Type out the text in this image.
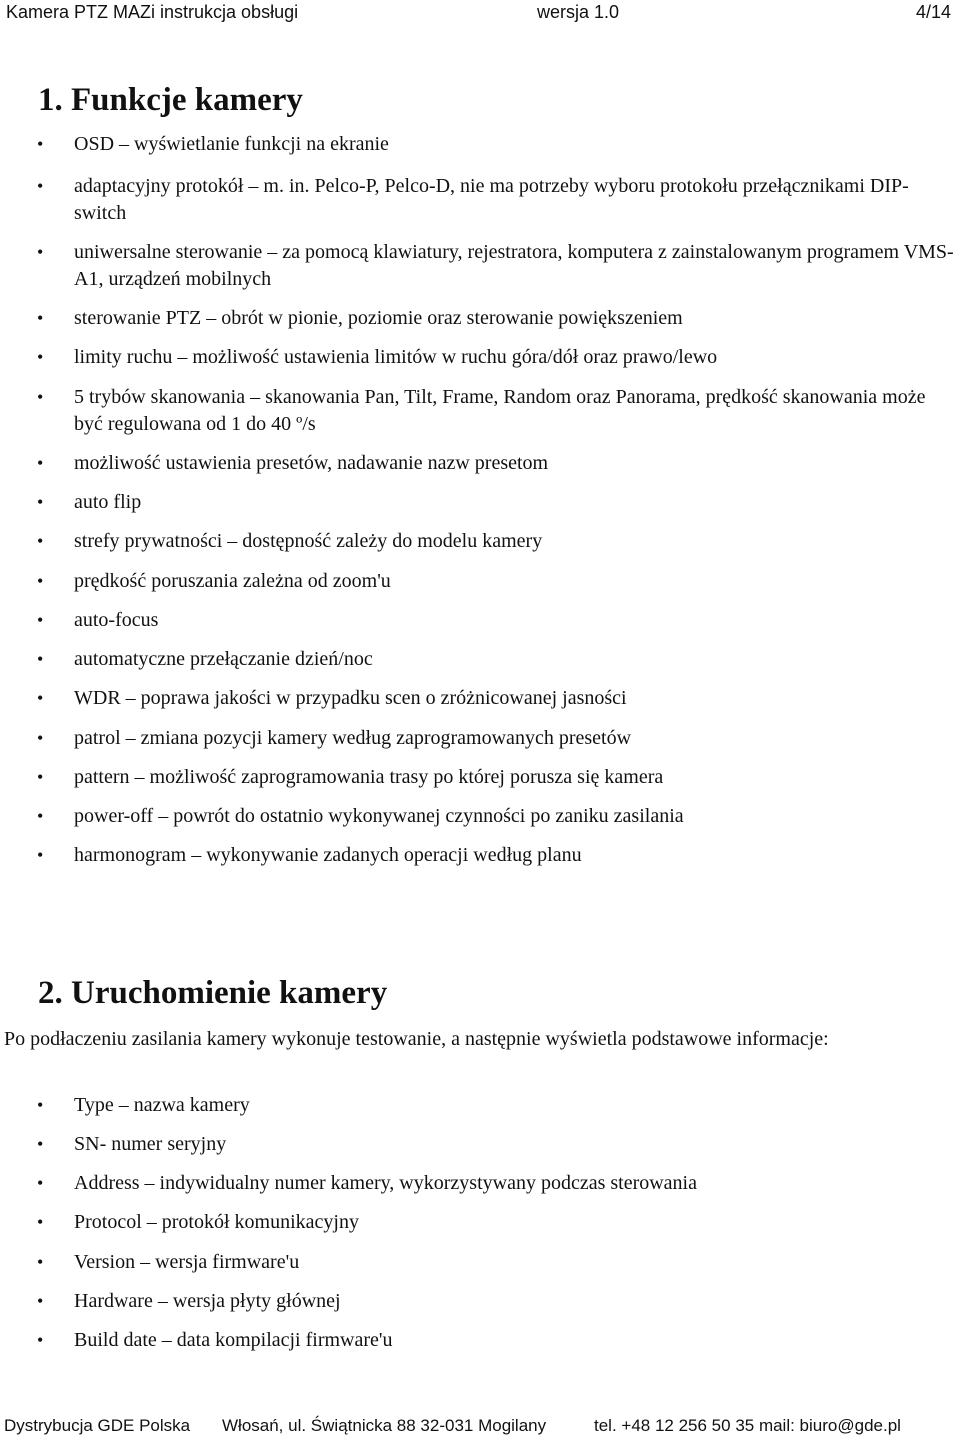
Kamera PTZ MAZi instrukcja obsługi	wersja 1.0	4/14
1. Funkcje kamery
• OSD – wyświetlanie funkcji na ekranie
• adaptacyjny protokół – m. in. Pelco-P, Pelco-D, nie ma potrzeby wyboru protokołu przełącznikami DIP-switch
• uniwersalne sterowanie – za pomocą klawiatury, rejestratora, komputera z zainstalowanym programem VMS-A1, urządzeń mobilnych
• sterowanie PTZ – obrót w pionie, poziomie oraz sterowanie powiększeniem
• limity ruchu – możliwość ustawienia limitów w ruchu góra/dół oraz prawo/lewo
• 5 trybów skanowania – skanowania Pan, Tilt, Frame, Random oraz Panorama, prędkość skanowania może być regulowana od 1 do 40 º/s
• możliwość ustawienia presetów, nadawanie nazw presetom
• auto flip
• strefy prywatności – dostępność zależy do modelu kamery
• prędkość poruszania zależna od zoom'u
• auto-focus
• automatyczne przełączanie dzień/noc
• WDR – poprawa jakości w przypadku scen o zróżnicowanej jasności
• patrol – zmiana pozycji kamery według zaprogramowanych presetów
• pattern – możliwość zaprogramowania trasy po której porusza się kamera
• power-off – powrót do ostatnio wykonywanej czynności po zaniku zasilania
• harmonogram – wykonywanie zadanych operacji według planu
2. Uruchomienie kamery

Po podłaczeniu zasilania kamery wykonuje testowanie, a następnie wyświetla podstawowe informacje:

• Type – nazwa kamery
• SN- numer seryjny
• Address – indywidualny numer kamery, wykorzystywany podczas sterowania
• Protocol – protokół komunikacyjny
• Version – wersja firmware'u
• Hardware – wersja płyty głównej
• Build date – data kompilacji firmware'u
Dystrybucja GDE Polska Włosań, ul. Świątnicka 88 32-031 Mogilany	tel. +48 12 256 50 35 mail: biuro@gde.pl
